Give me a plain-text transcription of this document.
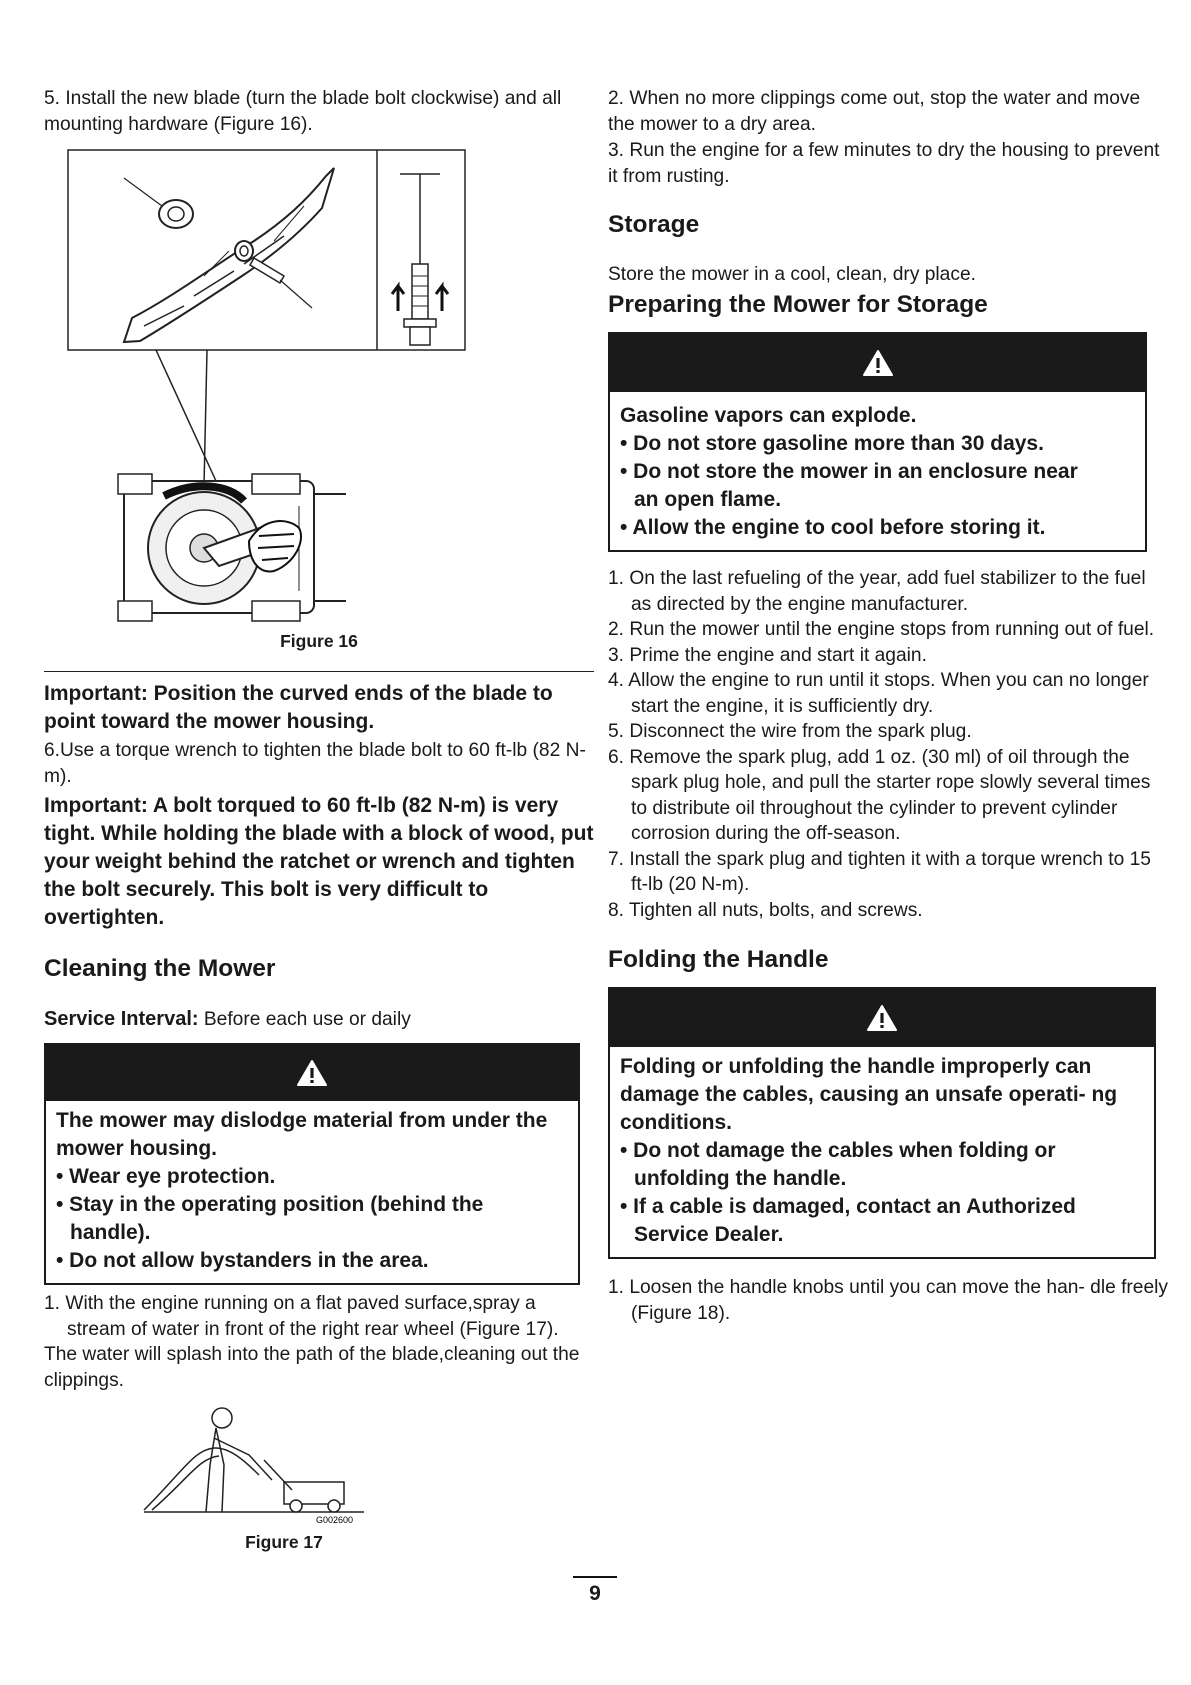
5. Install the new blade (turn the blade bolt clockwise) and all mounting hardware (Figure 16).

Figure 16

Important: Position the curved ends of the blade to point toward the mower housing.

6.Use a torque wrench to tighten the blade bolt to 60 ft-lb (82 N-m).

Important: A bolt torqued to 60 ft-lb (82 N-m) is very tight. While holding the blade with a block of wood, put your weight behind the ratchet or wrench and tighten the bolt securely. This bolt is very difficult to overtighten.

Cleaning the Mower

Service Interval: Before each use or daily

The mower may dislodge material from under the mower housing.

• Wear eye protection.

• Stay in the operating position (behind the handle).

• Do not allow bystanders in the area.

1. With the engine running on a flat paved surface,spray a stream of water in front of the right rear wheel (Figure 17).

The water will splash into the path of the blade,cleaning out the clippings.

G002600

Figure 17

2. When no more clippings come out, stop the water and move the mower to a dry area.

3. Run the engine for a few minutes to dry the housing to prevent it from rusting.

Storage

Store the mower in a cool, clean, dry place.

Preparing the Mower for Storage

Gasoline vapors can explode.

• Do not store gasoline more than 30 days.

• Do not store the mower in an enclosure near

an open flame.

• Allow the engine to cool before storing it.

1. On the last refueling of the year, add fuel stabilizer to the fuel as directed by the engine manufacturer.
2. Run the mower until the engine stops from running out of fuel.
3. Prime the engine and start it again.
4. Allow the engine to run until it stops. When you can no longer start the engine, it is sufficiently dry.
5. Disconnect the wire from the spark plug.
6. Remove the spark plug, add 1 oz. (30 ml) of oil through the spark plug hole, and pull the starter rope slowly several times to distribute oil throughout the cylinder to prevent cylinder corrosion during the off-season.
7. Install the spark plug and tighten it with a torque wrench to 15 ft-lb (20 N-m).
8. Tighten all nuts, bolts, and screws.
Folding the Handle

Folding or unfolding the handle improperly can damage the cables, causing an unsafe operati- ng conditions.

• Do not damage the cables when folding or unfolding the handle.

• If a cable is damaged, contact an Authorized Service Dealer.

1. Loosen the handle knobs until you can move the han- dle freely (Figure 18).
9
